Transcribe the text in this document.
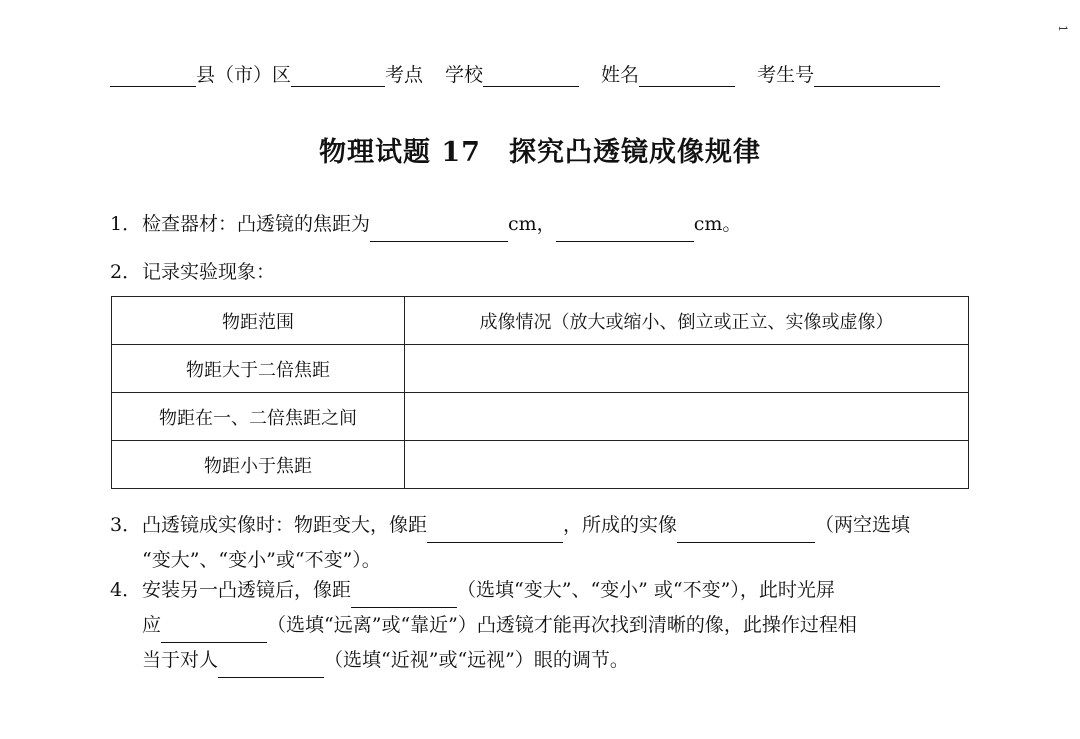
1
县（市）区	考点 学校	姓名	考生号
物理试题 17　探究凸透镜成像规律
1．检查器材：凸透镜的焦距为	cm，	cm。
2．记录实验现象：
物距范围	成像情况（放大或缩小、倒立或正立、实像或虚像）
物距大于二倍焦距	
物距在一、二倍焦距之间	
物距小于焦距	
3．凸透镜成实像时：物距变大，像距	，所成的实像	（两空选填
“变大”、“变小”或“不变”）。
4．安装另一凸透镜后，像距	（选填“变大”、“变小” 或“不变”），此时光屏
应	（选填“远离”或“靠近”）凸透镜才能再次找到清晰的像，此操作过程相
当于对人	（选填“近视”或“远视”）眼的调节。
